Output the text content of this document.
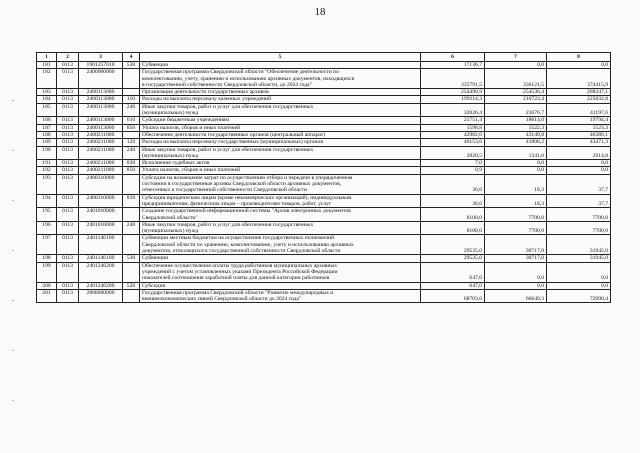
18
1	2	3	4	5	6	7	8
181	0113	1901257010	530	Субвенции	17136,7	0,0	0,0
182	0113	2400000000		Государственная программа Свердловской области "Обеспечение деятельности по
комплектованию, учету, хранению и использованию архивных документов, находящихся
в государственной собственности Свердловской области, до 2024 года"	335791,5	336121,5	374415,9
183	0113	2400113000		Организация деятельности государственных архивов	254490,9	254536,4	288347,1
184	0113	2400113000	110	Расходы на выплаты персоналу казенных учреждений	199114,3	210723,4	225832,8
185	0113	2400113000	240	Иные закупки товаров, работ и услуг для обеспечения государственных
(муниципальных) нужд	32026,4	23676,7	41197,6
186	0113	2400113000	610	Субсидии бюджетным учреждениям	21751,4	18614,0	19794,4
187	0113	2400113000	850	Уплата налогов, сборов и иных платежей	1598,8	1522,3	1523,3
188	0113	2400211000		Обеспечение деятельности государственных органов (центральный аппарат)	42982,0	43149,8	46386,1
189	0113	2400211000	120	Расходы на выплаты персоналу государственных (муниципальных) органов	40153,6	41808,2	43471,3
190	0113	2400211000	240	Иные закупки товаров, работ и услуг для обеспечения государственных
(муниципальных) нужд	2820,5	1341,6	2914,8
191	0113	2400211000	830	Исполнение судебных актов	7,0	0,0	0,0
192	0113	2400211000	850	Уплата налогов, сборов и иных платежей	0,9	0,0	0,0
193	0113	2400310000		Субсидии на возмещение затрат по осуществлению отбора и передачи в упорядоченном
состоянии в государственные архивы Свердловской области архивных документов,
отнесенных к государственной собственности Свердловской области	36,6	18,3	37,7
194	0113	2400310000	810	Субсидии юридическим лицам (кроме некоммерческих организаций), индивидуальным
предпринимателям, физическим лицам – производителям товаров, работ, услуг	36,6	18,3	37,7
195	0113	2401010000		Создание государственной информационной системы "Архив электронных документов
Свердловской области"	8100,0	7700,0	7700,0
196	0113	2401010000	240	Иные закупки товаров, работ и услуг для обеспечения государственных
(муниципальных) нужд	8100,0	7700,0	7700,0
197	0113	2401146100		Субвенции местным бюджетам на осуществление государственных полномочий
Свердловской области по хранению, комплектованию, учету и использованию архивных
документов, относящихся к государственной собственности Свердловской области	29535,0	30717,0	31945,0
198	0113	2401146100	530	Субвенции	29535,0	30717,0	31945,0
199	0113	2401246200		Обеспечение осуществления оплаты труда работников муниципальных архивных
учреждений с учетом установленных указами Президента Российской Федерации
показателей соотношения заработной платы для данной категории работников	647,0	0,0	0,0
200	0113	2401246200	520	Субсидии	647,0	0,0	0,0
201	0113	2800000000		Государственная программа Свердловской области "Развитие международных и
внешнеэкономических связей Свердловской области до 2024 года"	68703,6	66649,3	72990,4
